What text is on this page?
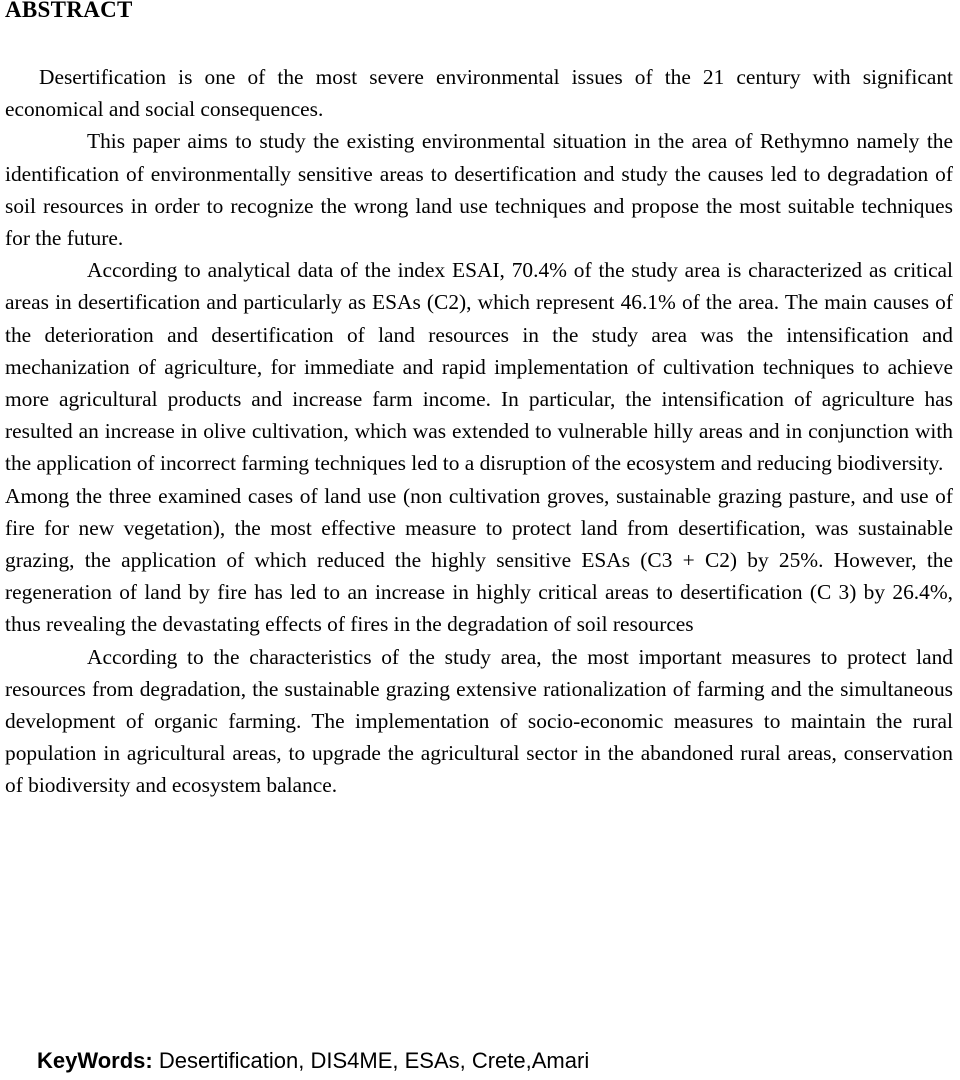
ABSTRACT

Desertification is one of the most severe environmental issues of the 21 century with significant economical and social consequences.

This paper aims to study the existing environmental situation in the area of Rethymno namely the identification of environmentally sensitive areas to desertification and study the causes led to degradation of soil resources in order to recognize the wrong land use techniques and propose the most suitable techniques for the future.

According to analytical data of the index ESAI, 70.4% of the study area is characterized as critical areas in desertification and particularly as ESAs (C2), which represent 46.1% of the area. The main causes of the deterioration and desertification of land resources in the study area was the intensification and mechanization of agriculture, for immediate and rapid implementation of cultivation techniques to achieve more agricultural products and increase farm income. In particular, the intensification of agriculture has resulted an increase in olive cultivation, which was extended to vulnerable hilly areas and in conjunction with the application of incorrect farming techniques led to a disruption of the ecosystem and reducing biodiversity.

Among the three examined cases of land use (non cultivation groves, sustainable grazing pasture, and use of fire for new vegetation), the most effective measure to protect land from desertification, was sustainable grazing, the application of which reduced the highly sensitive ESAs (C3 + C2) by 25%. However, the regeneration of land by fire has led to an increase in highly critical areas to desertification (C 3) by 26.4%, thus revealing the devastating effects of fires in the degradation of soil resources

According to the characteristics of the study area, the most important measures to protect land resources from degradation, the sustainable grazing extensive rationalization of farming and the simultaneous development of organic farming. The implementation of socio-economic measures to maintain the rural population in agricultural areas, to upgrade the agricultural sector in the abandoned rural areas, conservation of biodiversity and ecosystem balance.

KeyWords: Desertification, DIS4ME, ESAs, Crete,Amari
